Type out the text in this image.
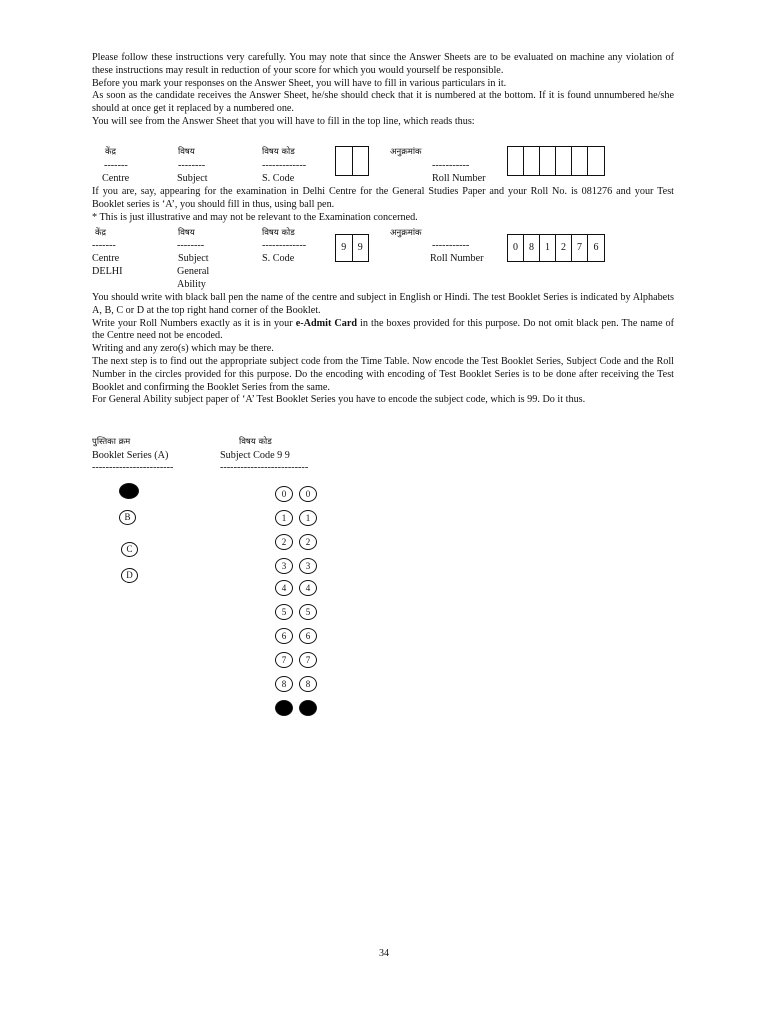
Please follow these instructions very carefully. You may note that since the Answer Sheets are to be evaluated on machine any violation of these instructions may result in reduction of your score for which you would yourself be responsible.

Before you mark your responses on the Answer Sheet, you will have to fill in various particulars in it.

As soon as the candidate receives the Answer Sheet, he/she should check that it is numbered at the bottom. If it is found unnumbered he/she should at once get it replaced by a numbered one.

You will see from the Answer Sheet that you will have to fill in the top line, which reads thus:

केंद्र	विषय	विषय कोड	अनुक्रमांक
-------	--------	-------------	-----------
Centre	Subject	S. Code	Roll Number

If you are, say, appearing for the examination in Delhi Centre for the General Studies Paper and your Roll No. is 081276 and your Test Booklet series is ‘A’, you should fill in thus, using ball pen.

* This is just illustrative and may not be relevant to the Examination concerned.

केंद्र	विषय	विषय कोड	अनुक्रमांक
-------	--------	-------------	-----------
Centre	Subject	S. Code	Roll Number
DELHI	General
Ability
9	9	0	8	1	2	7	6

You should write with black ball pen the name of the centre and subject in English or Hindi. The test Booklet Series is indicated by Alphabets A, B, C or D at the top right hand corner of the Booklet.

Write your Roll Numbers exactly as it is in your e-Admit Card in the boxes provided for this purpose. Do not omit black pen. The name of the Centre need not be encoded.

Writing and any zero(s) which may be there.

The next step is to find out the appropriate subject code from the Time Table. Now encode the Test Booklet Series, Subject Code and the Roll Number in the circles provided for this purpose. Do the encoding with encoding of Test Booklet Series is to be done after receiving the Test Booklet and confirming the Booklet Series from the same.

For General Ability subject paper of ‘A’ Test Booklet Series you have to encode the subject code, which is 99. Do it thus.

पुस्तिका क्रम	विषय कोड
Booklet Series (A)	Subject Code 9 9
------------------------	--------------------------
B
C
D
0 0
1 1
2 2
3 3
4 4
5 5
6 6
7 7
8 8
34
